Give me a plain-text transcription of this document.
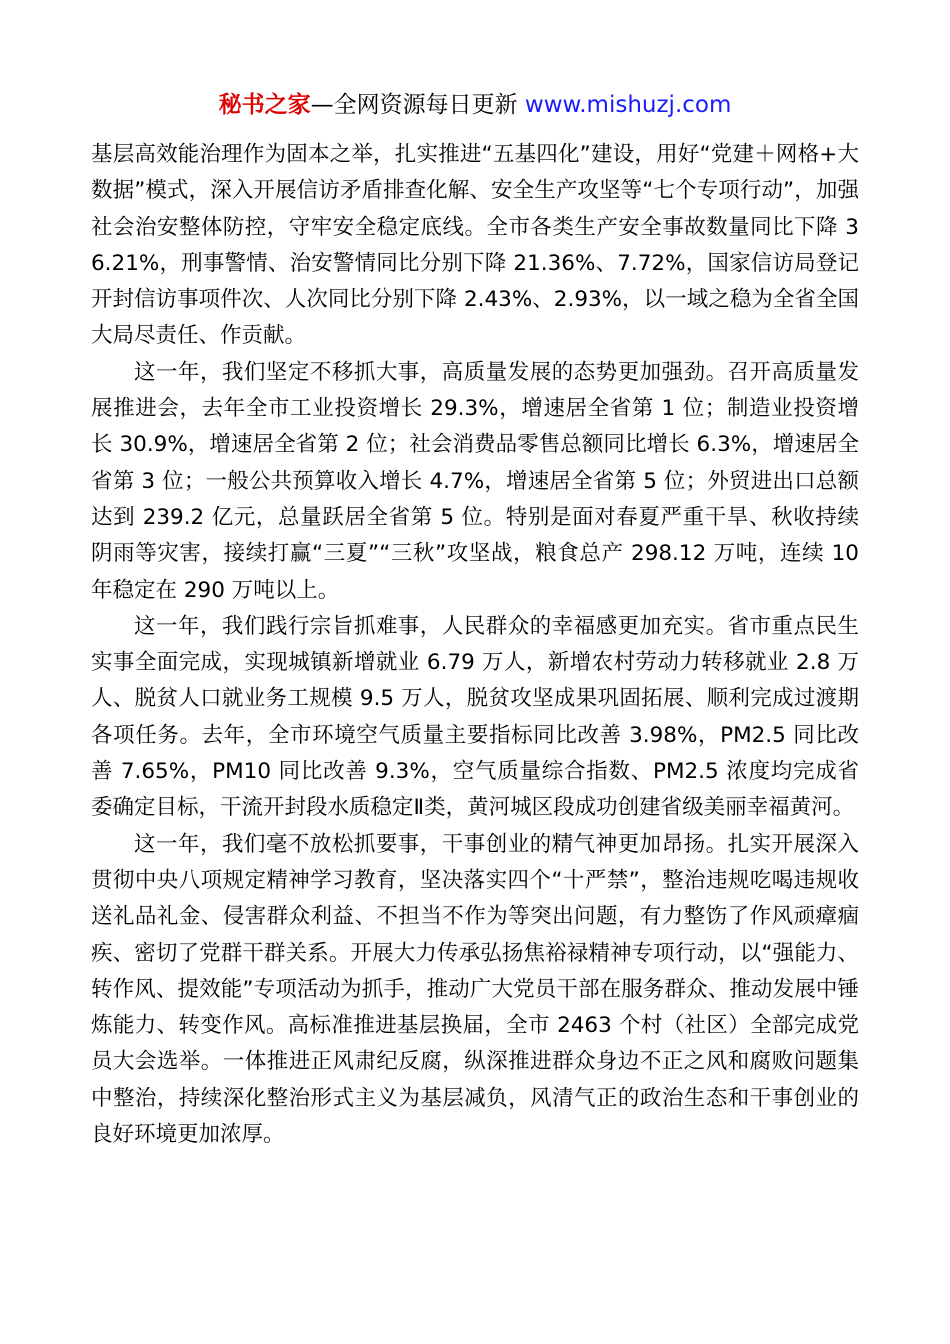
秘书之家—全网资源每日更新 www.mishuzj.com

基层高效能治理作为固本之举，扎实推进“五基四化”建设，用好“党建＋网格+大数据”模式，深入开展信访矛盾排查化解、安全生产攻坚等“七个专项行动”，加强社会治安整体防控，守牢安全稳定底线。全市各类生产安全事故数量同比下降 36.21%，刑事警情、治安警情同比分别下降 21.36%、7.72%，国家信访局登记开封信访事项件次、人次同比分别下降 2.43%、2.93%，以一域之稳为全省全国大局尽责任、作贡献。

这一年，我们坚定不移抓大事，高质量发展的态势更加强劲。召开高质量发展推进会，去年全市工业投资增长 29.3%，增速居全省第 1 位；制造业投资增长 30.9%，增速居全省第 2 位；社会消费品零售总额同比增长 6.3%，增速居全省第 3 位；一般公共预算收入增长 4.7%，增速居全省第 5 位；外贸进出口总额达到 239.2 亿元，总量跃居全省第 5 位。特别是面对春夏严重干旱、秋收持续阴雨等灾害，接续打赢“三夏”“三秋”攻坚战，粮食总产 298.12 万吨，连续 10 年稳定在 290 万吨以上。

这一年，我们践行宗旨抓难事，人民群众的幸福感更加充实。省市重点民生实事全面完成，实现城镇新增就业 6.79 万人，新增农村劳动力转移就业 2.8 万人、脱贫人口就业务工规模 9.5 万人，脱贫攻坚成果巩固拓展、顺利完成过渡期各项任务。去年，全市环境空气质量主要指标同比改善 3.98%，PM2.5 同比改善 7.65%，PM10 同比改善 9.3%，空气质量综合指数、PM2.5 浓度均完成省委确定目标，干流开封段水质稳定Ⅱ类，黄河城区段成功创建省级美丽幸福黄河。

这一年，我们毫不放松抓要事，干事创业的精气神更加昂扬。扎实开展深入贯彻中央八项规定精神学习教育，坚决落实四个“十严禁”，整治违规吃喝违规收送礼品礼金、侵害群众利益、不担当不作为等突出问题，有力整饬了作风顽瘴痼疾、密切了党群干群关系。开展大力传承弘扬焦裕禄精神专项行动，以“强能力、转作风、提效能”专项活动为抓手，推动广大党员干部在服务群众、推动发展中锤炼能力、转变作风。高标准推进基层换届，全市 2463 个村（社区）全部完成党员大会选举。一体推进正风肃纪反腐，纵深推进群众身边不正之风和腐败问题集中整治，持续深化整治形式主义为基层减负，风清气正的政治生态和干事创业的良好环境更加浓厚。
